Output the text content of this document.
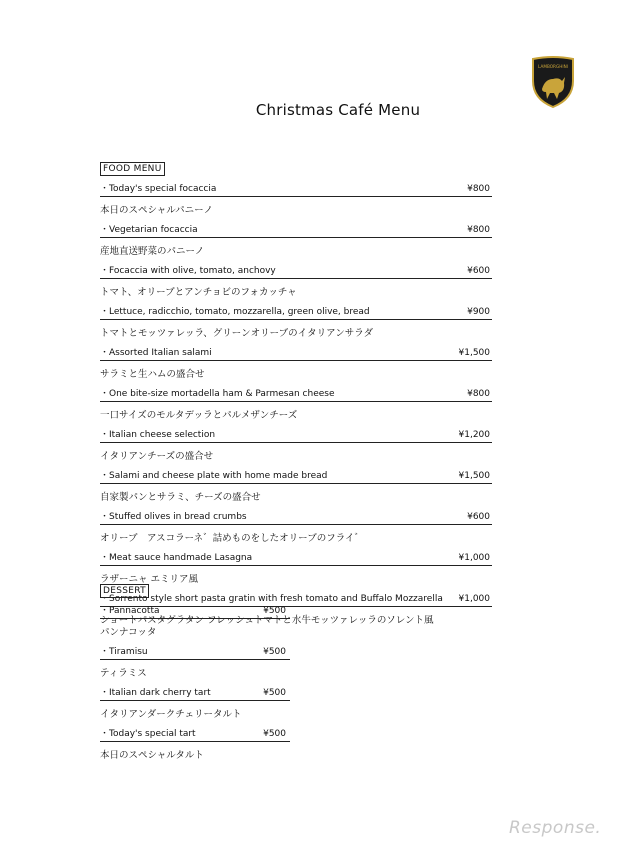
LAMBORGHINI
Christmas Café Menu
FOOD MENU
・Today's special focaccia	¥800
本日のスペシャルパニーノ
・Vegetarian focaccia	¥800
産地直送野菜のパニーノ
・Focaccia with olive, tomato, anchovy	¥600
トマト、オリーブとアンチョビのフォカッチャ
・Lettuce, radicchio, tomato, mozzarella, green olive, bread	¥900
トマトとモッツァレッラ、グリーンオリーブのイタリアンサラダ
・Assorted Italian salami	¥1,500
サラミと生ハムの盛合せ
・One bite-size mortadella ham & Parmesan cheese	¥800
一口サイズのモルタデッラとパルメザンチーズ
・Italian cheese selection	¥1,200
イタリアンチーズの盛合せ
・Salami and cheese plate with home made bread	¥1,500
自家製パンとサラミ、チーズの盛合せ
・Stuffed olives in bread crumbs	¥600
オリーブ　アスコラーネ゛詰めものをしたオリーブのフライ゛
・Meat sauce handmade Lasagna	¥1,000
ラザーニャ エミリア風
・Sorrento style short pasta gratin with fresh tomato and Buffalo Mozzarella ¥1,000
ショートパスタグラタン フレッシュトマトと水牛モッツァレッラのソレント風
DESSERT
・Pannacotta	¥500
パンナコッタ
・Tiramisu	¥500
ティラミス
・Italian dark cherry tart	¥500
イタリアンダークチェリータルト
・Today's special tart	¥500
本日のスペシャルタルト
Response.
